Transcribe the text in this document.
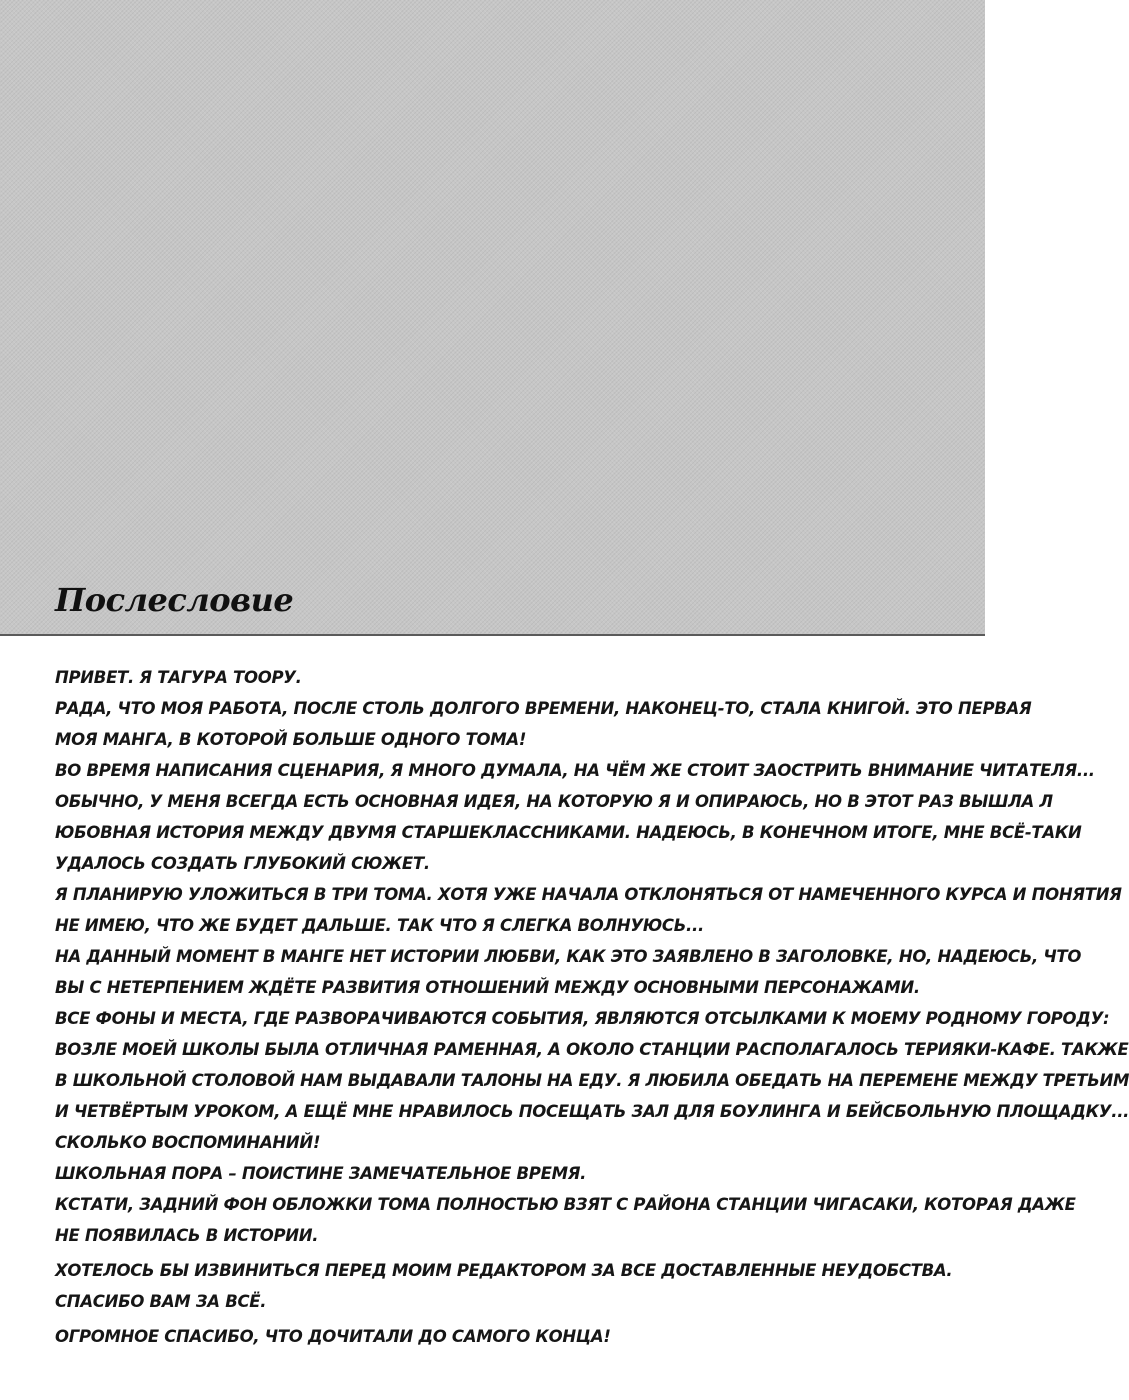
Послесловие
ПРИВЕТ. Я ТАГУРА ТООРУ.
РАДА, ЧТО МОЯ РАБОТА, ПОСЛЕ СТОЛЬ ДОЛГОГО ВРЕМЕНИ, НАКОНЕЦ-ТО, СТАЛА КНИГОЙ. ЭТО ПЕРВАЯ
МОЯ МАНГА, В КОТОРОЙ БОЛЬШЕ ОДНОГО ТОМА!
ВО ВРЕМЯ НАПИСАНИЯ СЦЕНАРИЯ, Я МНОГО ДУМАЛА, НА ЧЁМ ЖЕ СТОИТ ЗАОСТРИТЬ ВНИМАНИЕ ЧИТАТЕЛЯ...
ОБЫЧНО, У МЕНЯ ВСЕГДА ЕСТЬ ОСНОВНАЯ ИДЕЯ, НА КОТОРУЮ Я И ОПИРАЮСЬ, НО В ЭТОТ РАЗ ВЫШЛА Л
ЮБОВНАЯ ИСТОРИЯ МЕЖДУ ДВУМЯ СТАРШЕКЛАССНИКАМИ. НАДЕЮСЬ, В КОНЕЧНОМ ИТОГЕ, МНЕ ВСЁ-ТАКИ
УДАЛОСЬ СОЗДАТЬ ГЛУБОКИЙ СЮЖЕТ.
Я ПЛАНИРУЮ УЛОЖИТЬСЯ В ТРИ ТОМА. ХОТЯ УЖЕ НАЧАЛА ОТКЛОНЯТЬСЯ ОТ НАМЕЧЕННОГО КУРСА И ПОНЯТИЯ
НЕ ИМЕЮ, ЧТО ЖЕ БУДЕТ ДАЛЬШЕ. ТАК ЧТО Я СЛЕГКА ВОЛНУЮСЬ...
НА ДАННЫЙ МОМЕНТ В МАНГЕ НЕТ ИСТОРИИ ЛЮБВИ, КАК ЭТО ЗАЯВЛЕНО В ЗАГОЛОВКЕ, НО, НАДЕЮСЬ, ЧТО
ВЫ С НЕТЕРПЕНИЕМ ЖДЁТЕ РАЗВИТИЯ ОТНОШЕНИЙ МЕЖДУ ОСНОВНЫМИ ПЕРСОНАЖАМИ.
ВСЕ ФОНЫ И МЕСТА, ГДЕ РАЗВОРАЧИВАЮТСЯ СОБЫТИЯ, ЯВЛЯЮТСЯ ОТСЫЛКАМИ К МОЕМУ РОДНОМУ ГОРОДУ:
ВОЗЛЕ МОЕЙ ШКОЛЫ БЫЛА ОТЛИЧНАЯ РАМЕННАЯ, А ОКОЛО СТАНЦИИ РАСПОЛАГАЛОСЬ ТЕРИЯКИ-КАФЕ. ТАКЖЕ
В ШКОЛЬНОЙ СТОЛОВОЙ НАМ ВЫДАВАЛИ ТАЛОНЫ НА ЕДУ. Я ЛЮБИЛА ОБЕДАТЬ НА ПЕРЕМЕНЕ МЕЖДУ ТРЕТЬИМ
И ЧЕТВЁРТЫМ УРОКОМ, А ЕЩЁ МНЕ НРАВИЛОСЬ ПОСЕЩАТЬ ЗАЛ ДЛЯ БОУЛИНГА И БЕЙСБОЛЬНУЮ ПЛОЩАДКУ...
СКОЛЬКО ВОСПОМИНАНИЙ!
ШКОЛЬНАЯ ПОРА – ПОИСТИНЕ ЗАМЕЧАТЕЛЬНОЕ ВРЕМЯ.
КСТАТИ, ЗАДНИЙ ФОН ОБЛОЖКИ ТОМА ПОЛНОСТЬЮ ВЗЯТ С РАЙОНА СТАНЦИИ ЧИГАСАКИ, КОТОРАЯ ДАЖЕ
НЕ ПОЯВИЛАСЬ В ИСТОРИИ.
ХОТЕЛОСЬ БЫ ИЗВИНИТЬСЯ ПЕРЕД МОИМ РЕДАКТОРОМ ЗА ВСЕ ДОСТАВЛЕННЫЕ НЕУДОБСТВА.
СПАСИБО ВАМ ЗА ВСЁ.
ОГРОМНОЕ СПАСИБО, ЧТО ДОЧИТАЛИ ДО САМОГО КОНЦА!
